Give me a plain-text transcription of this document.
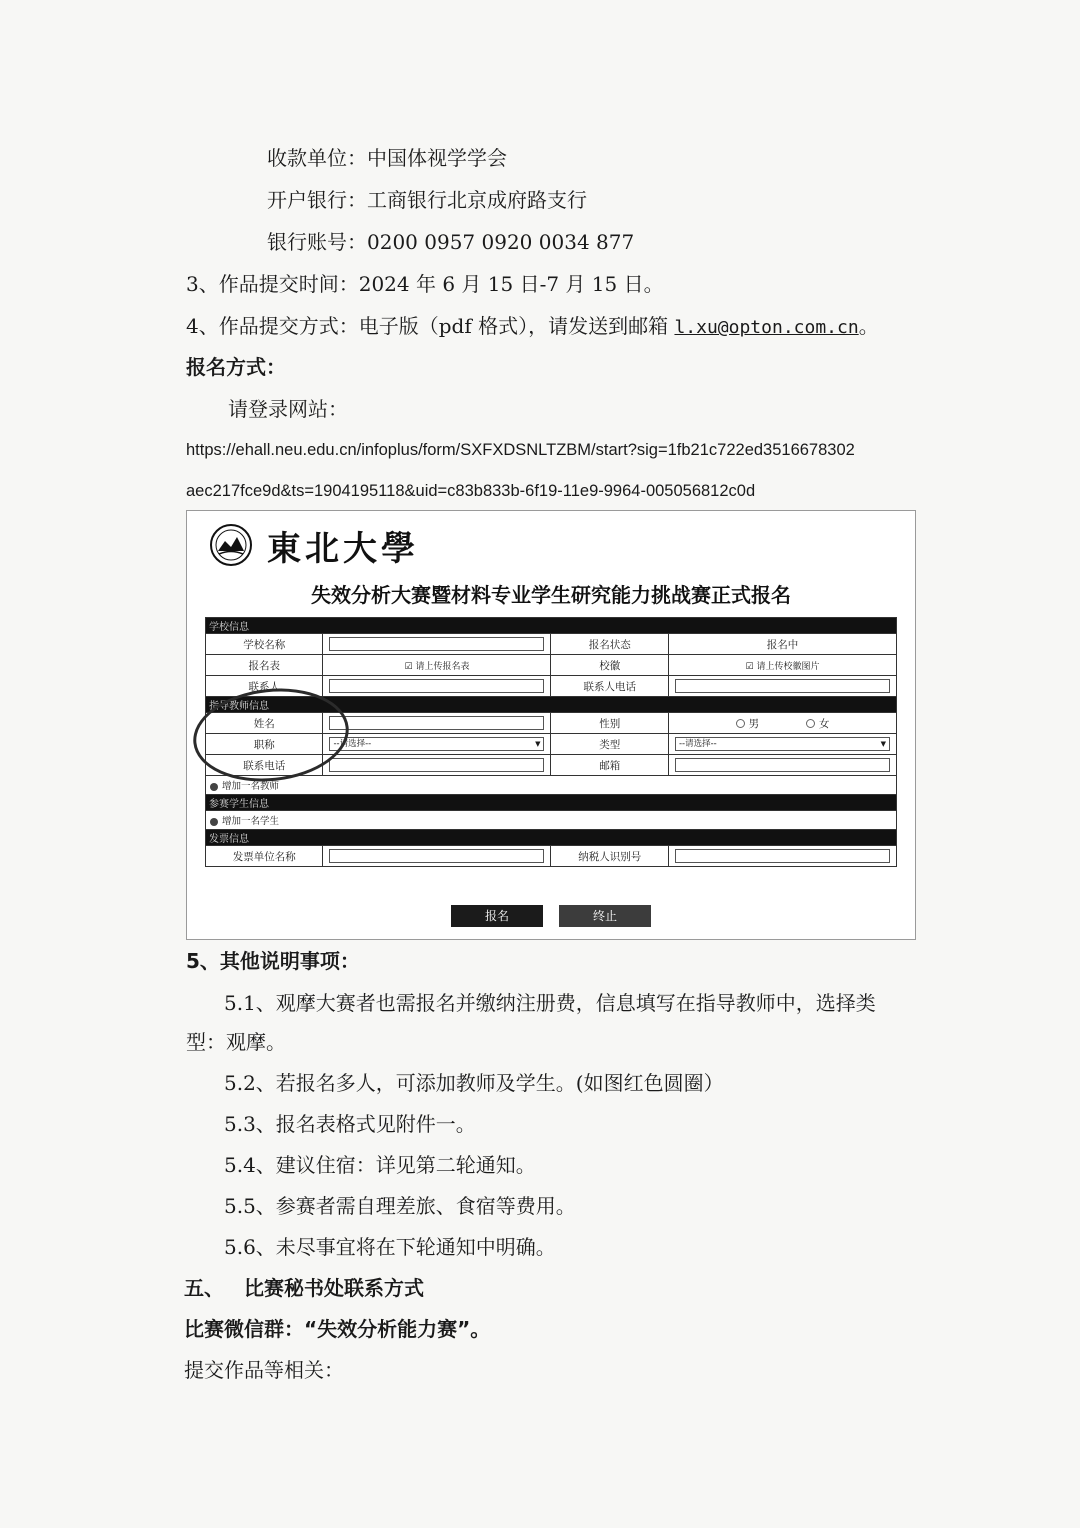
收款单位：中国体视学学会
开户银行：工商银行北京成府路支行
银行账号：0200 0957 0920 0034 877
3、作品提交时间：2024 年 6 月 15 日-7 月 15 日。
4、作品提交方式：电子版（pdf 格式），请发送到邮箱 l.xu@opton.com.cn。
报名方式：
请登录网站：
https://ehall.neu.edu.cn/infoplus/form/SXFXDSNLTZBM/start?sig=1fb21c722ed3516678302
aec217fce9d&ts=1904195118&uid=c83b833b-6f19-11e9-9964-005056812c0d
東北大學
失效分析大赛暨材料专业学生研究能力挑战赛正式报名
学校信息			
学校名称		报名状态	报名中
报名表	☑ 请上传报名表	校徽	☑ 请上传校徽图片
联系人		联系人电话	

指导教师信息			
姓名		性别	男 女
职称	--请选择-- ▼	类型	--请选择-- ▼

联系电话		邮箱	

增加一名教师			
参赛学生信息			
增加一名学生			
发票信息			
发票单位名称		纳税人识别号	
报名	终止
5、其他说明事项：
5.1、观摩大赛者也需报名并缴纳注册费，信息填写在指导教师中，选择类
型：观摩。
5.2、若报名多人，可添加教师及学生。(如图红色圆圈）
5.3、报名表格式见附件一。
5.4、建议住宿：详见第二轮通知。
5.5、参赛者需自理差旅、食宿等费用。
5.6、未尽事宜将在下轮通知中明确。
五、 比赛秘书处联系方式
比赛微信群：“失效分析能力赛”。
提交作品等相关：
